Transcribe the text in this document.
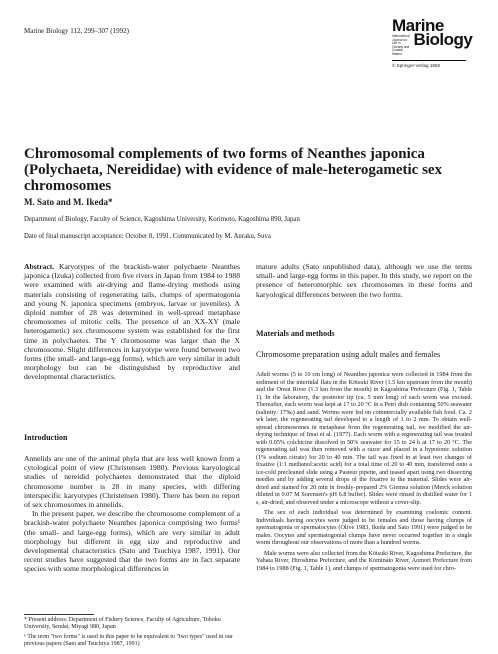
Marine Biology 112, 299–307 (1992)	Marine
International Journal on Life in Oceans and Coastal Waters
Biology
© Springer-Verlag 1992
Chromosomal complements of two forms of Neanthes japonica (Polychaeta, Nereididae) with evidence of male-heterogametic sex chromosomes
M. Sato and M. Ikeda*
Department of Biology, Faculty of Science, Kagoshima University, Korimoto, Kagoshima 890, Japan
Date of final manuscript acceptance: October 8, 1991. Communicated by M. Anraku, Suva

Abstract. Karyotypes of the brackish-water polychaete Neanthes japonica (Izuka) collected from five rivers in Japan from 1984 to 1988 were examined with air-drying and flame-drying methods using materials consisting of regenerating tails, clumps of spermatogonia and young N. japonica specimens (embryos, larvae or juveniles). A diploid number of 28 was determined in well-spread metaphase chromosomes of mitotic cells. The presence of an XX-XY (male heterogametic) sex chromosome system was established for the first time in polychaetes. The Y chromosome was larger than the X chromosome. Slight differences in karyotype were found between two forms (the small- and large-egg forms), which are very similar in adult morphology but can be distinguished by reproductive and developmental characteristics.

Introduction

Annelids are one of the animal phyla that are less well known from a cytological point of view (Christensen 1980). Previous karyological studies of nereidid polychaetes demonstrated that the diploid chromosome number is 28 in many species, with differing interspecific karyotypes (Christensen 1980). There has been no report of sex chromosomes in annelids.

In the present paper, we describe the chromosome complement of a brackish-water polychaete Neanthes japonica comprising two forms¹ (the small- and large-egg forms), which are very similar in adult morphology but different in egg size and reproductive and developmental characteristics (Sato and Tsuchiya 1987, 1991). Our recent studies have suggested that the two forms are in fact separate species with some morphological differences in

* Present address: Department of Fishery Science, Faculty of Agriculture, Tohoku University, Sendai, Miyagi 980, Japan

¹ The term "two forms" is used in this paper to be equivalent to "two types" used in our previous papers (Sato and Tsuchiya 1987, 1991)

mature adults (Sato unpublished data), although we use the terms small- and large-egg forms in this paper. In this study, we report on the presence of heteromorphic sex chromosomes in these forms and karyological differences between the two forms.

Materials and methods
Chromosome preparation using adult males and females

Adult worms (5 to 10 cm long) of Neanthes japonica were collected in 1984 from the sediment of the intertidal flats in the Kōtsuki River (1.5 km upstream from the mouth) and the Omoi River (1.3 km from the mouth) in Kagoshima Prefecture (Fig. 1, Table 1). In the laboratory, the posterior tip (ca. 5 mm long) of each worm was excised. Thereafter, each worm was kept at 17 to 20 °C in a Petri dish containing 50% seawater (salinity: 17‰) and sand. Worms were fed on commercially available fish food. Ca. 2 wk later, the regenerating tail developed to a length of 1 to 2 mm. To obtain well-spread chromosomes in metaphase from the regenerating tail, we modified the air-drying technique of Imai et al. (1977). Each worm with a regenerating tail was treated with 0.05% colchicine dissolved in 50% seawater for 15 to 24 h at 17 to 20 °C. The regenerating tail was then removed with a razor and placed in a hypotonic solution (1% sodium citrate) for 20 to 40 min. The tail was fixed in at least two changes of fixative (1:1 methanol:acetic acid) for a total time of 20 to 40 min, transferred onto a ice-cold precleaned slide using a Pasteur pipette, and teased apart using two dissecting needles and by adding several drops of the fixative to the material. Slides were air-dried and stained for 20 min in freshly-prepared 2% Giemsa solution (Merck solution diluted in 0.07 M Sorensen's pH 6.8 buffer). Slides were rinsed in distilled water for 1 s, air-dried, and observed under a microscope without a cover-slip.

The sex of each individual was determined by examining coelomic content. Individuals having oocytes were judged to be females and those having clumps of spermatogonia or spermatocytes (Olive 1983, Ikeda and Sato 1991) were judged to be males. Oocytes and spermatogonial clumps have never occurred together in a single worm throughout our observations of more than a hundred worms.

Male worms were also collected from the Kōtsuki River, Kagoshima Prefecture, the Yahata River, Hiroshima Prefecture, and the Kominato River, Aomori Prefecture from 1984 to 1988 (Fig. 1, Table 1), and clumps of spermatogonia were used for chro-
